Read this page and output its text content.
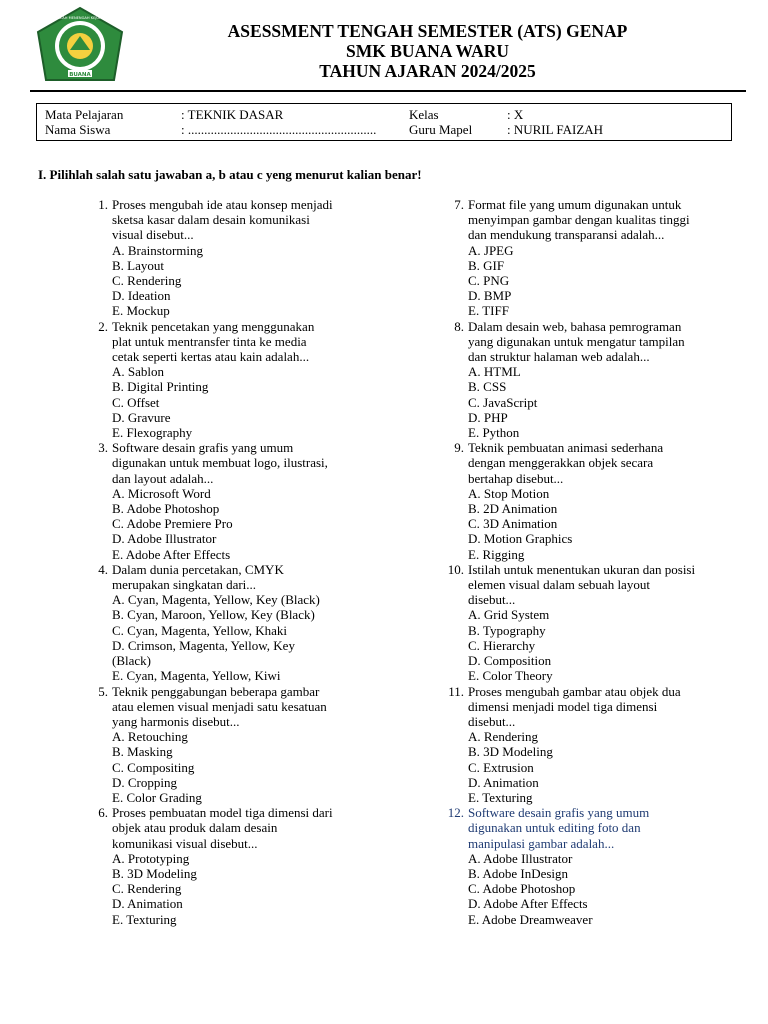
BUANA
SEKOLAH MENENGAH KEJURUAN
ASESSMENT TENGAH SEMESTER (ATS) GENAP
SMK BUANA WARU
TAHUN AJARAN 2024/2025
Mata Pelajaran	: TEKNIK DASAR	Kelas	: X
Nama Siswa	: ..........................................................	Guru Mapel	: NURIL FAIZAH
I. Pilihlah salah satu jawaban a, b atau c yeng menurut kalian benar!
1. Proses mengubah ide atau konsep menjadi
sketsa kasar dalam desain komunikasi
visual disebut...
A. Brainstorming
B. Layout
C. Rendering
D. Ideation
E. Mockup
2. Teknik pencetakan yang menggunakan
plat untuk mentransfer tinta ke media
cetak seperti kertas atau kain adalah...
A. Sablon
B. Digital Printing
C. Offset
D. Gravure
E. Flexography
3. Software desain grafis yang umum
digunakan untuk membuat logo, ilustrasi,
dan layout adalah...
A. Microsoft Word
B. Adobe Photoshop
C. Adobe Premiere Pro
D. Adobe Illustrator
E. Adobe After Effects
4. Dalam dunia percetakan, CMYK
merupakan singkatan dari...
A. Cyan, Magenta, Yellow, Key (Black)
B. Cyan, Maroon, Yellow, Key (Black)
C. Cyan, Magenta, Yellow, Khaki
D. Crimson, Magenta, Yellow, Key
(Black)
E. Cyan, Magenta, Yellow, Kiwi
5. Teknik penggabungan beberapa gambar
atau elemen visual menjadi satu kesatuan
yang harmonis disebut...
A. Retouching
B. Masking
C. Compositing
D. Cropping
E. Color Grading
6. Proses pembuatan model tiga dimensi dari
objek atau produk dalam desain
komunikasi visual disebut...
A. Prototyping
B. 3D Modeling
C. Rendering
D. Animation
E. Texturing
7. Format file yang umum digunakan untuk
menyimpan gambar dengan kualitas tinggi
dan mendukung transparansi adalah...
A. JPEG
B. GIF
C. PNG
D. BMP
E. TIFF
8. Dalam desain web, bahasa pemrograman
yang digunakan untuk mengatur tampilan
dan struktur halaman web adalah...
A. HTML
B. CSS
C. JavaScript
D. PHP
E. Python
9. Teknik pembuatan animasi sederhana
dengan menggerakkan objek secara
bertahap disebut...
A. Stop Motion
B. 2D Animation
C. 3D Animation
D. Motion Graphics
E. Rigging
10. Istilah untuk menentukan ukuran dan posisi
elemen visual dalam sebuah layout
disebut...
A. Grid System
B. Typography
C. Hierarchy
D. Composition
E. Color Theory
11. Proses mengubah gambar atau objek dua
dimensi menjadi model tiga dimensi
disebut...
A. Rendering
B. 3D Modeling
C. Extrusion
D. Animation
E. Texturing
12. Software desain grafis yang umum
digunakan untuk editing foto dan
manipulasi gambar adalah...
A. Adobe Illustrator
B. Adobe InDesign
C. Adobe Photoshop
D. Adobe After Effects
E. Adobe Dreamweaver
